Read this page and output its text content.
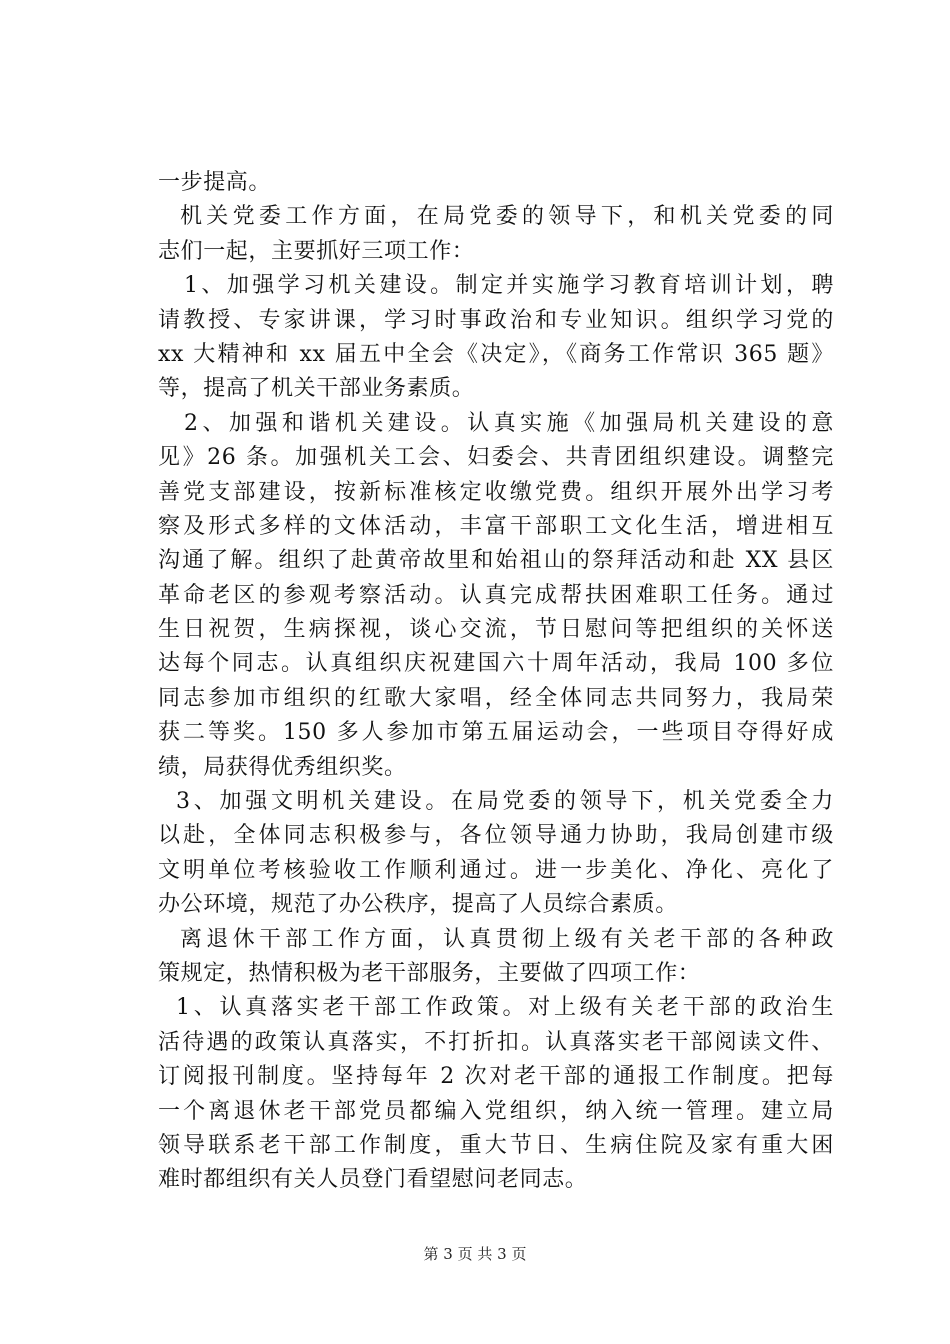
一步提高。
机关党委工作方面，在局党委的领导下，和机关党委的同
志们一起，主要抓好三项工作：
1、加强学习机关建设。制定并实施学习教育培训计划，聘
请教授、专家讲课，学习时事政治和专业知识。组织学习党的
xx 大精神和 xx 届五中全会《决定》，《商务工作常识 365 题》
等，提高了机关干部业务素质。
2、加强和谐机关建设。认真实施《加强局机关建设的意
见》26 条。加强机关工会、妇委会、共青团组织建设。调整完
善党支部建设，按新标准核定收缴党费。组织开展外出学习考
察及形式多样的文体活动，丰富干部职工文化生活，增进相互
沟通了解。组织了赴黄帝故里和始祖山的祭拜活动和赴 XX 县区
革命老区的参观考察活动。认真完成帮扶困难职工任务。通过
生日祝贺，生病探视，谈心交流，节日慰问等把组织的关怀送
达每个同志。认真组织庆祝建国六十周年活动，我局 100 多位
同志参加市组织的红歌大家唱，经全体同志共同努力，我局荣
获二等奖。150 多人参加市第五届运动会，一些项目夺得好成
绩，局获得优秀组织奖。
3、加强文明机关建设。在局党委的领导下，机关党委全力
以赴，全体同志积极参与，各位领导通力协助，我局创建市级
文明单位考核验收工作顺利通过。进一步美化、净化、亮化了
办公环境，规范了办公秩序，提高了人员综合素质。
离退休干部工作方面，认真贯彻上级有关老干部的各种政
策规定，热情积极为老干部服务，主要做了四项工作：
1、认真落实老干部工作政策。对上级有关老干部的政治生
活待遇的政策认真落实，不打折扣。认真落实老干部阅读文件、
订阅报刊制度。坚持每年 2 次对老干部的通报工作制度。把每
一个离退休老干部党员都编入党组织，纳入统一管理。建立局
领导联系老干部工作制度，重大节日、生病住院及家有重大困
难时都组织有关人员登门看望慰问老同志。
第 3 页 共 3 页
